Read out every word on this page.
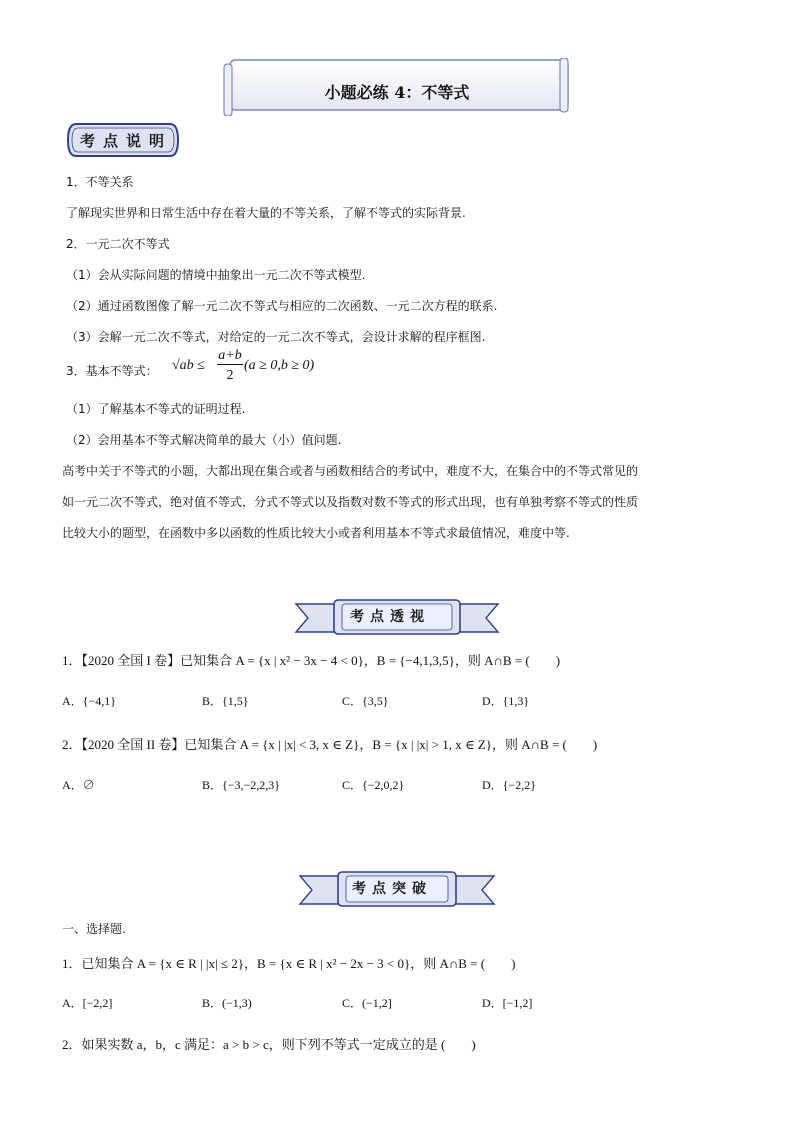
小题必练 4：不等式
考点说明
1．不等关系
了解现实世界和日常生活中存在着大量的不等关系，了解不等式的实际背景.
2．一元二次不等式
（1）会从实际问题的情境中抽象出一元二次不等式模型.
（2）通过函数图像了解一元二次不等式与相应的二次函数、一元二次方程的联系.
（3）会解一元二次不等式，对给定的一元二次不等式，会设计求解的程序框图.
3．基本不等式： √ab ≤
a+b
2
(a ≥ 0,b ≥ 0)
（1）了解基本不等式的证明过程.
（2）会用基本不等式解决简单的最大（小）值问题.
高考中关于不等式的小题，大都出现在集合或者与函数相结合的考试中，难度不大，在集合中的不等式常见的
如一元二次不等式，绝对值不等式，分式不等式以及指数对数不等式的形式出现，也有单独考察不等式的性质
比较大小的题型，在函数中多以函数的性质比较大小或者利用基本不等式求最值情况，难度中等.
考点透视
1．【2020 全国 I 卷】已知集合 A = {x | x² − 3x − 4 < 0}，B = {−4,1,3,5}，则 A∩B = (　　)
A．{−4,1}	B．{1,5}	C．{3,5}	D．{1,3}
2．【2020 全国 II 卷】已知集合 A = {x | |x| < 3, x ∈ Z}，B = {x | |x| > 1, x ∈ Z}，则 A∩B = (　　)
A．∅	B．{−3,−2,2,3}	C．{−2,0,2}	D．{−2,2}
考点突破
一、选择题.
1．已知集合 A = {x ∈ R | |x| ≤ 2}，B = {x ∈ R | x² − 2x − 3 < 0}，则 A∩B = (　　)
A．[−2,2]	B．(−1,3)	C．(−1,2]	D．[−1,2]
2．如果实数 a，b，c 满足：a > b > c，则下列不等式一定成立的是 (　　)
